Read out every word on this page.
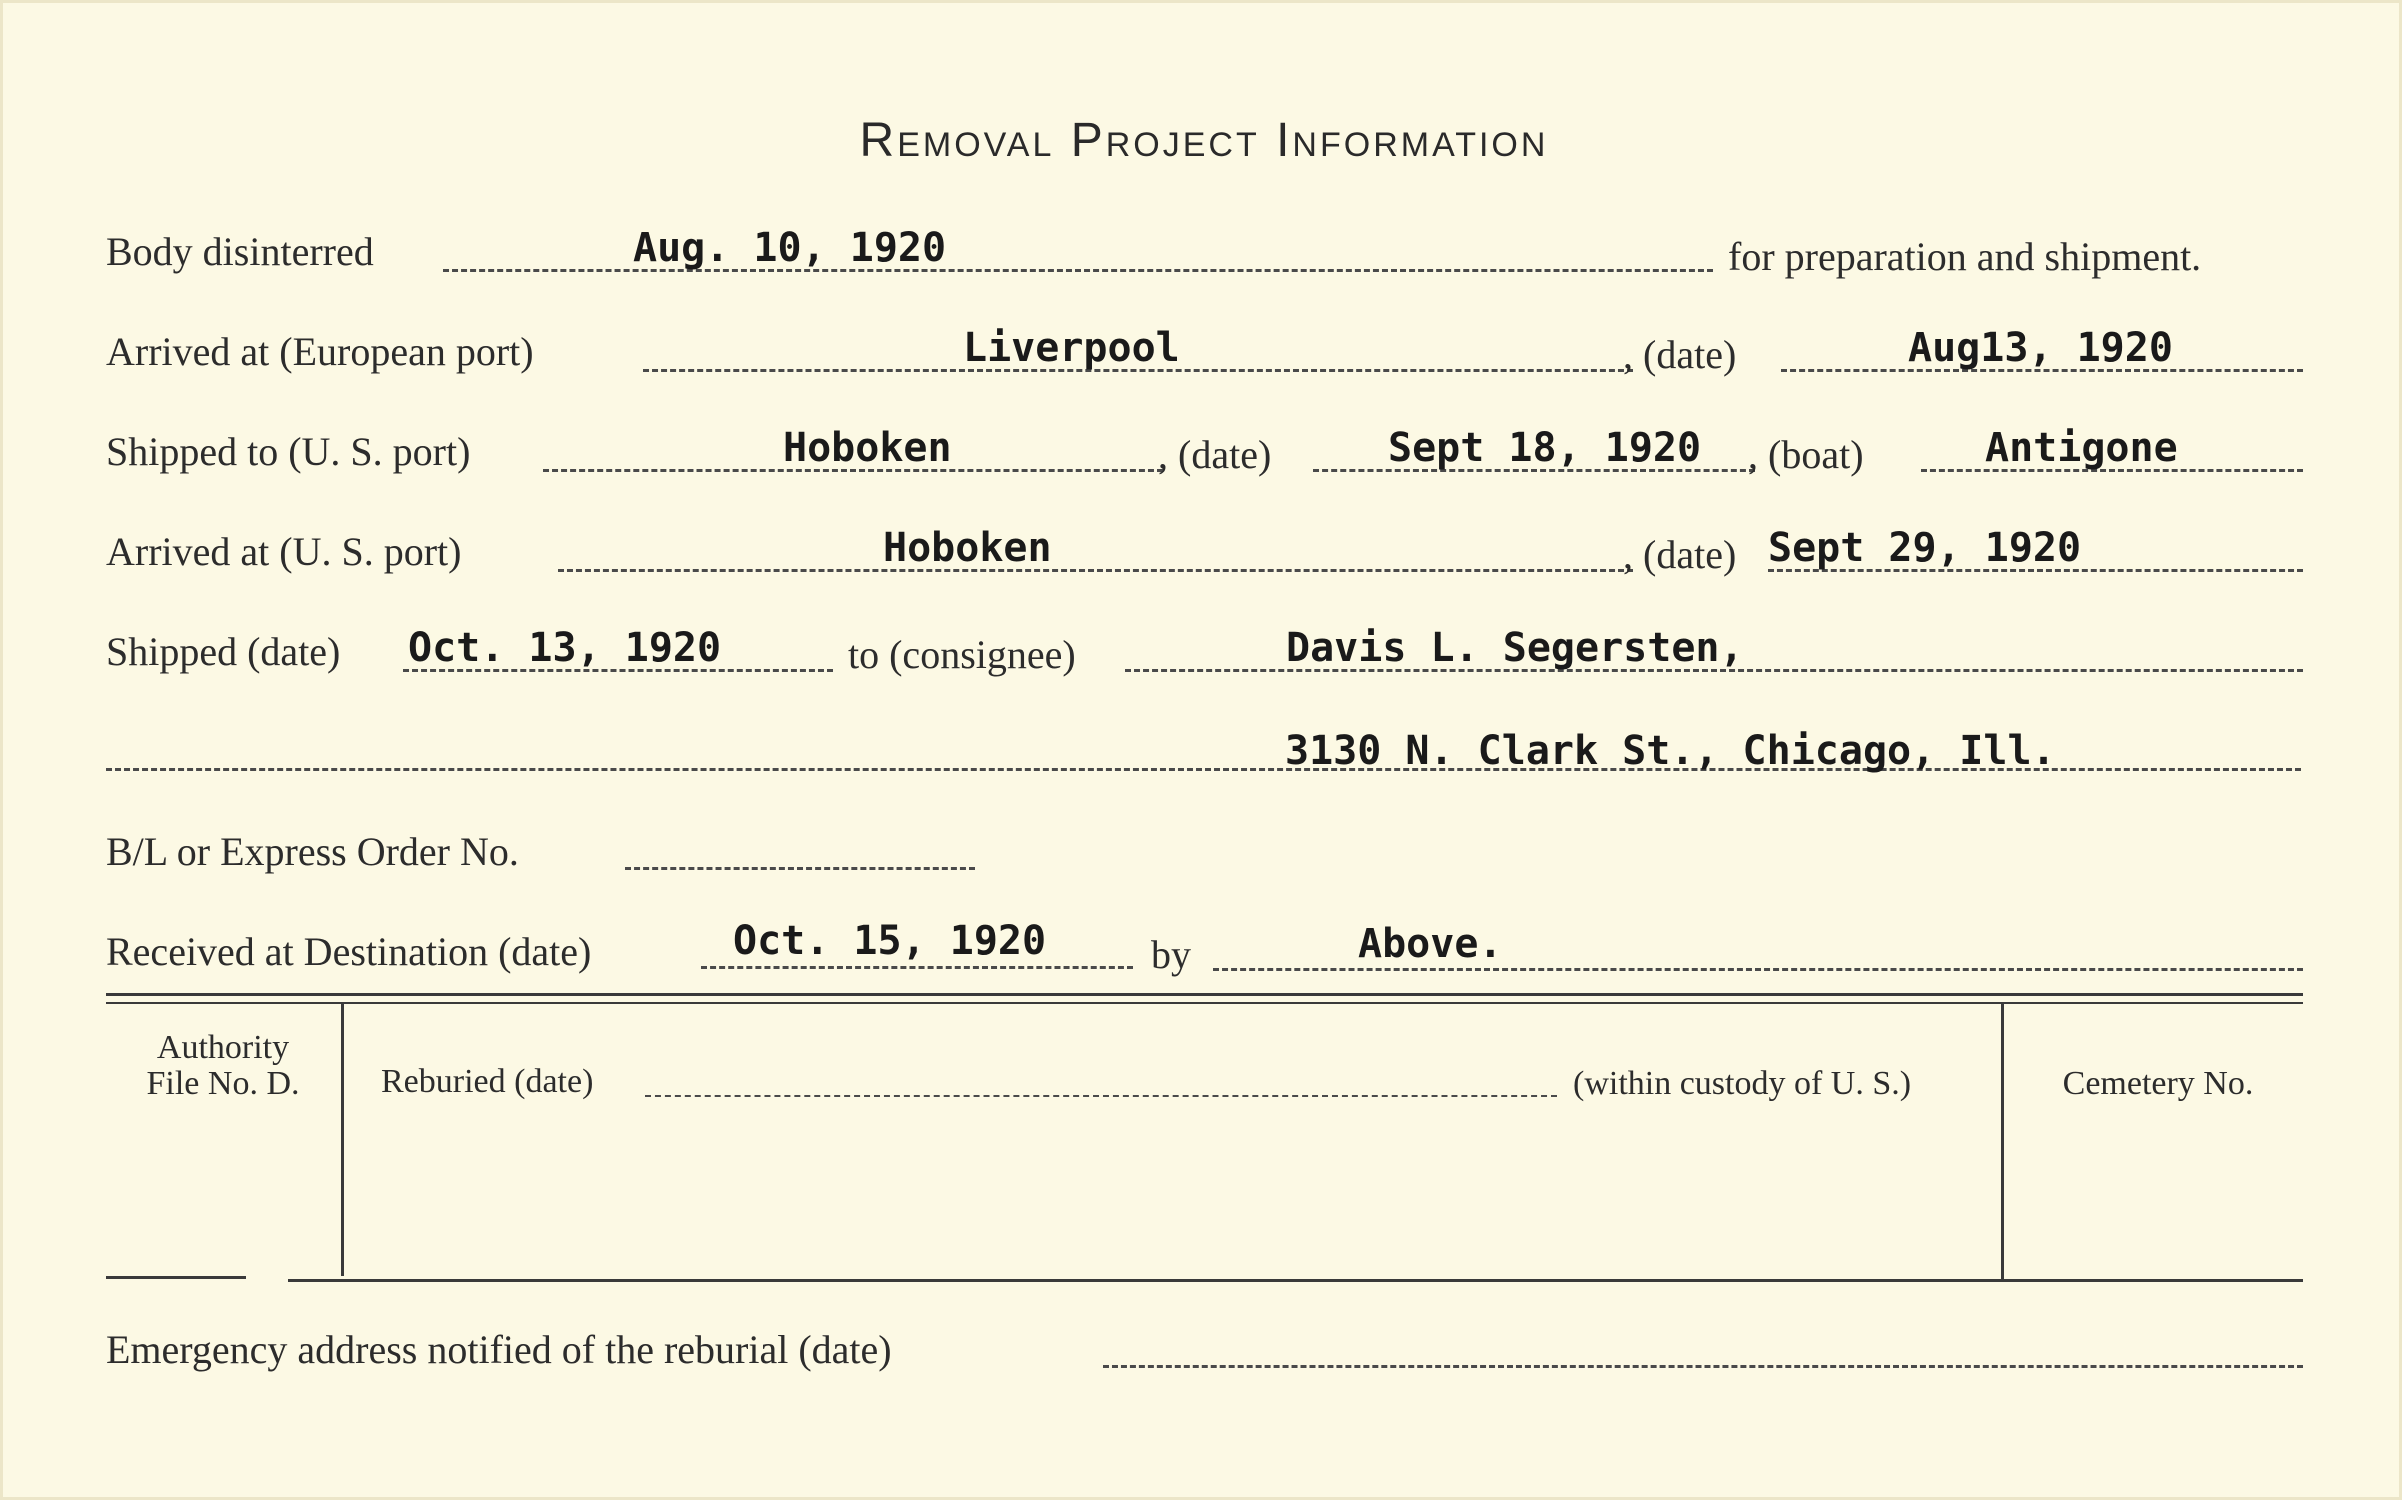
Removal Project Information
Body disinterred	Aug. 10, 1920	for preparation and shipment.
Arrived at (European port)	Liverpool	, (date)	Aug13, 1920
Shipped to (U. S. port)	Hoboken	, (date)	Sept 18, 1920 , (boat)	Antigone
Arrived at (U. S. port)	Hoboken	, (date) Sept 29, 1920
Shipped (date) Oct. 13, 1920	to (consignee)	Davis L. Segersten,
3130 N. Clark St., Chicago, Ill.
B/L or Express Order No.
Received at Destination (date)	Oct. 15, 1920	by	Above.
Authority
File No. D.	Reburied (date)	(within custody of U. S.)	Cemetery No.
Emergency address notified of the reburial (date)
